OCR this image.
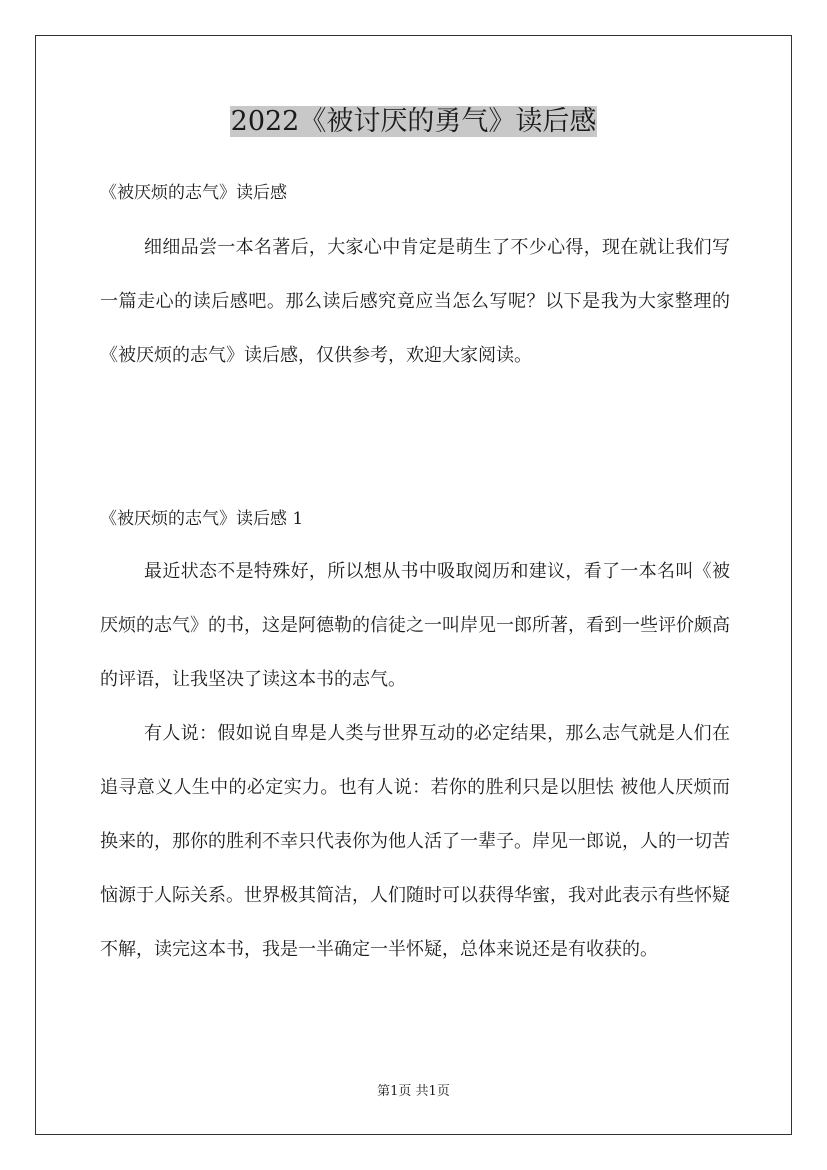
2022《被讨厌的勇气》读后感
《被厌烦的志气》读后感

细细品尝一本名著后，大家心中肯定是萌生了不少心得，现在就让我们写一篇走心的读后感吧。那么读后感究竟应当怎么写呢？以下是我为大家整理的《被厌烦的志气》读后感，仅供参考，欢迎大家阅读。

《被厌烦的志气》读后感 1

最近状态不是特殊好，所以想从书中吸取阅历和建议，看了一本名叫《被厌烦的志气》的书，这是阿德勒的信徒之一叫岸见一郎所著，看到一些评价颇高的评语，让我坚决了读这本书的志气。

有人说：假如说自卑是人类与世界互动的必定结果，那么志气就是人们在追寻意义人生中的必定实力。也有人说：若你的胜利只是以胆怯 被他人厌烦而换来的，那你的胜利不幸只代表你为他人活了一辈子。岸见一郎说，人的一切苦恼源于人际关系。世界极其简洁，人们随时可以获得华蜜，我对此表示有些怀疑不解，读完这本书，我是一半确定一半怀疑，总体来说还是有收获的。

第1页 共1页
